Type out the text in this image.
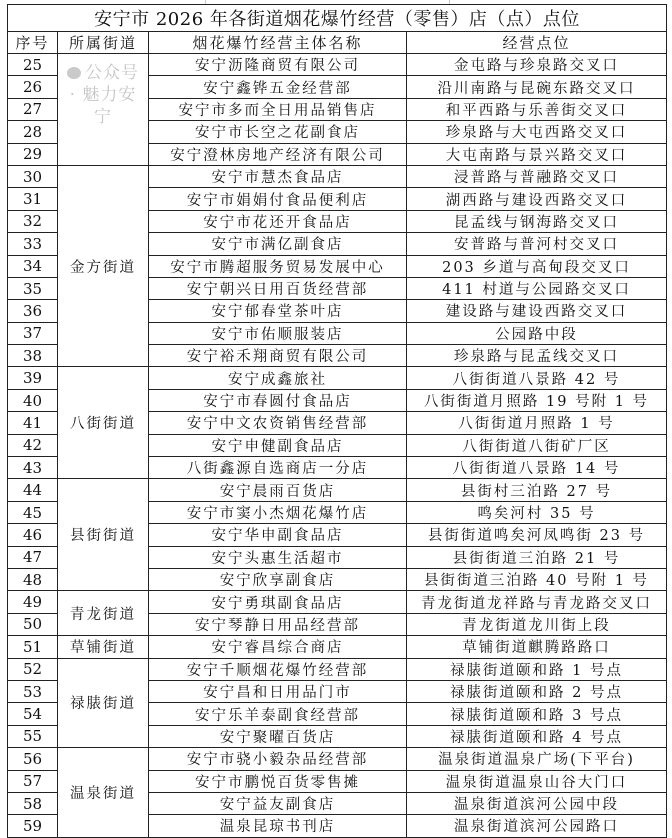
安宁市 2026 年各街道烟花爆竹经营（零售）店（点）点位			
序号	所属街道	烟花爆竹经营主体名称	经营点位
25		安宁沥隆商贸有限公司	金屯路与珍泉路交叉口
26		安宁鑫铧五金经营部	沿川南路与昆碗东路交叉口
27		安宁市多而全日用品销售店	和平西路与乐善街交叉口
28		安宁市长空之花副食店	珍泉路与大屯西路交叉口
29		安宁澄林房地产经济有限公司	大屯南路与景兴路交叉口
30	金方街道	安宁市慧杰食品店	浸普路与普融路交叉口
31		安宁市娟娟付食品便利店	湖西路与建设西路交叉口
32		安宁市花还开食品店	昆孟线与钢海路交叉口
33		安宁市满亿副食店	安普路与普河村交叉口
34		安宁市腾超服务贸易发展中心	203 乡道与高甸段交叉口
35		安宁朝兴日用百货经营部	411 村道与公园路交叉口
36		安宁郁春堂茶叶店	建设路与建设西路交叉口
37		安宁市佑顺服装店	公园路中段
38		安宁裕禾翔商贸有限公司	珍泉路与昆孟线交叉口
39	八街街道	安宁成鑫旅社	八街街道八景路 42 号
40		安宁市春圆付食品店	八街街道月照路 19 号附 1 号
41		安宁中文农资销售经营部	八街街道月照路 1 号
42		安宁申健副食品店	八街街道八街矿厂区
43		八街鑫源自选商店一分店	八街街道八景路 14 号
44	县街街道	安宁晨雨百货店	县街村三泊路 27 号
45		安宁市窦小杰烟花爆竹店	鸣矣河村 35 号
46		安宁华申副食品店	县街街道鸣矣河凤鸣街 23 号
47		安宁头惠生活超市	县街街道三泊路 21 号
48		安宁欣享副食店	县街街道三泊路 40 号附 1 号
49	青龙街道	安宁勇琪副食品店	青龙街道龙祥路与青龙路交叉口
50		安宁琴静日用品经营部	青龙街道龙川街上段
51	草铺街道	安宁睿昌综合商店	草铺街道麒腾路路口
52	禄脿街道	安宁千顺烟花爆竹经营部	禄脿街道颐和路 1 号点
53		安宁昌和日用品门市	禄脿街道颐和路 2 号点
54		安宁乐羊泰副食经营部	禄脿街道颐和路 3 号点
55		安宁聚曜百货店	禄脿街道颐和路 4 号点
56	温泉街道	安宁市骁小毅杂品经营部	温泉街道温泉广场(下平台)
57		安宁市鹏悦百货零售摊	温泉街道温泉山谷大门口
58		安宁益友副食店	温泉街道滨河公园中段
59		温泉昆琼书刊店	温泉街道滨河公园路口
公众号 · 魅力安宁
